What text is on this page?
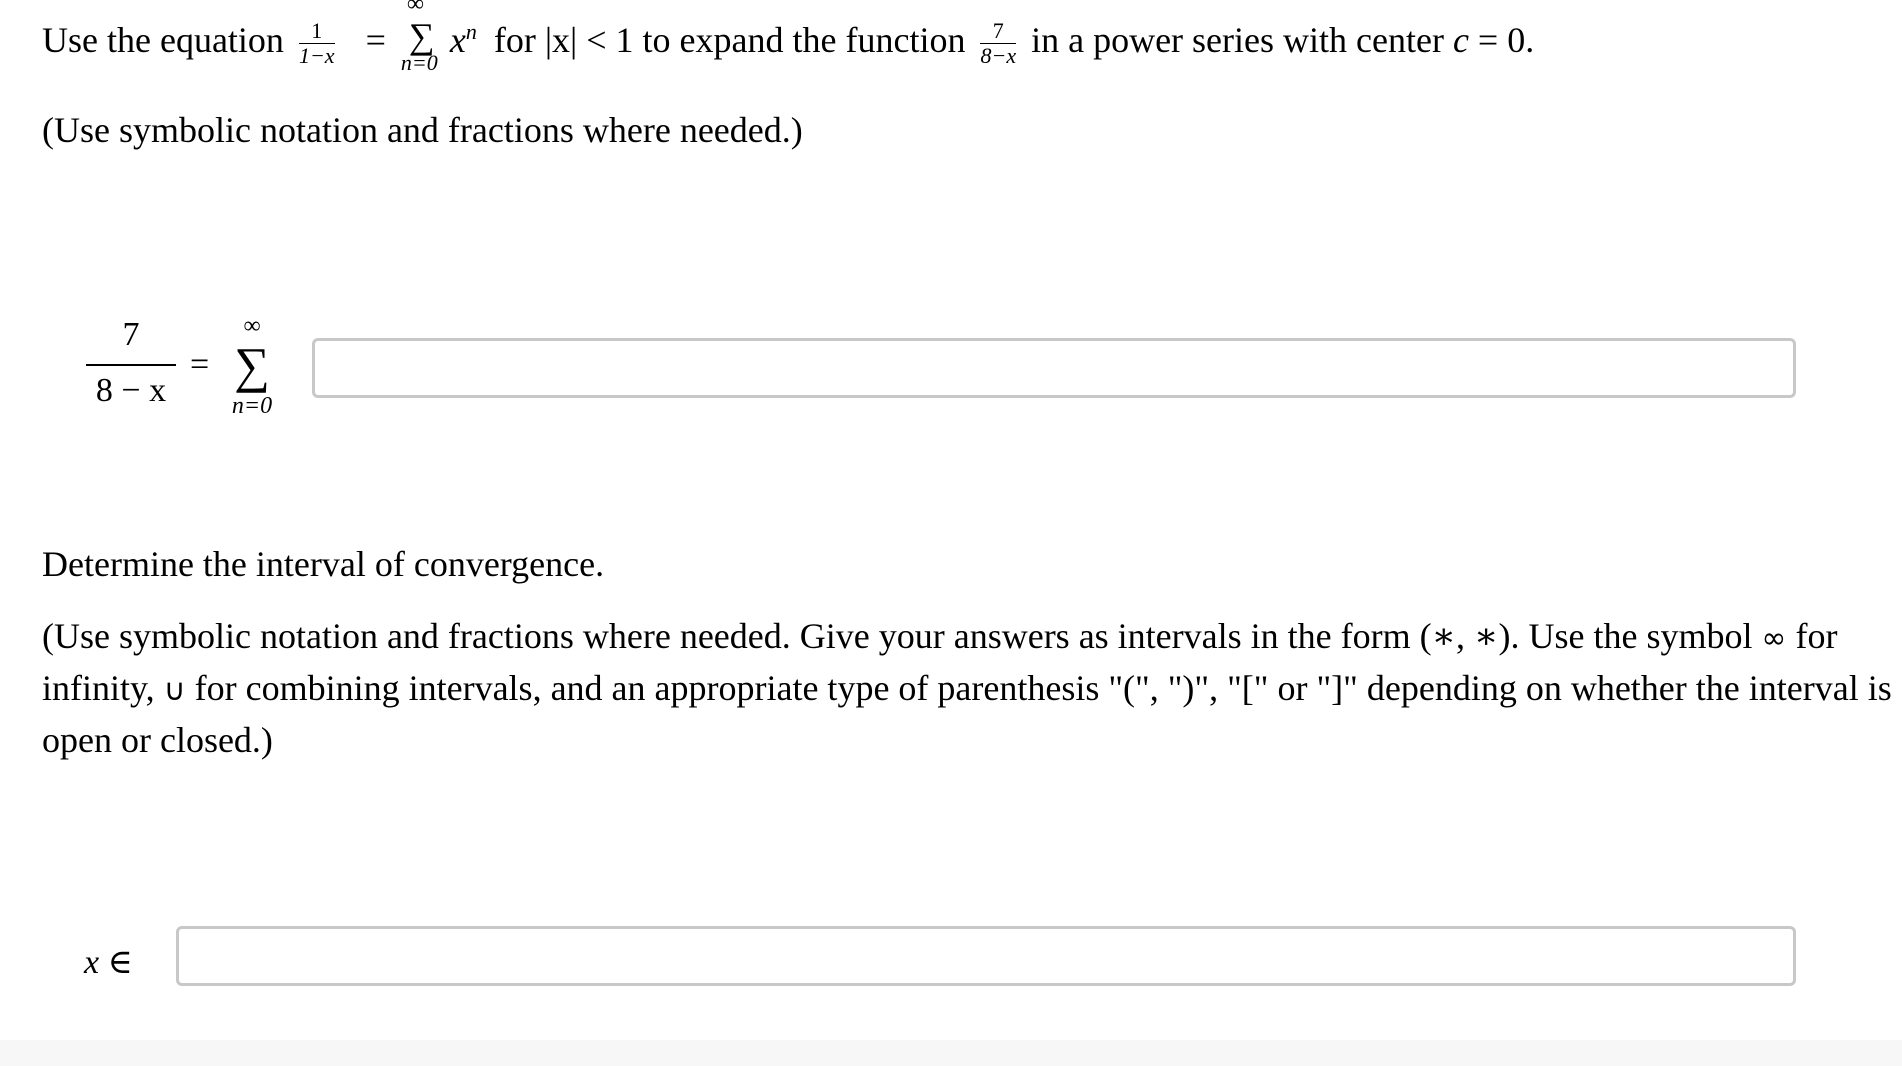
Use the equation $\frac{1}{1-x}$ =
∞
∑
n=0
$x^n$ for |x| < 1 to expand the function $\frac{7}{8-x}$ in a power series with center c = 0.
(Use symbolic notation and fractions where needed.)
7
8 − x
=
∞
∑
n=0
Determine the interval of convergence.
(Use symbolic notation and fractions where needed. Give your answers as intervals in the form (∗, ∗). Use the symbol ∞ for
infinity, ∪ for combining intervals, and an appropriate type of parenthesis "(", ")", "[" or "]" depending on whether the interval is
open or closed.)
x ∈
